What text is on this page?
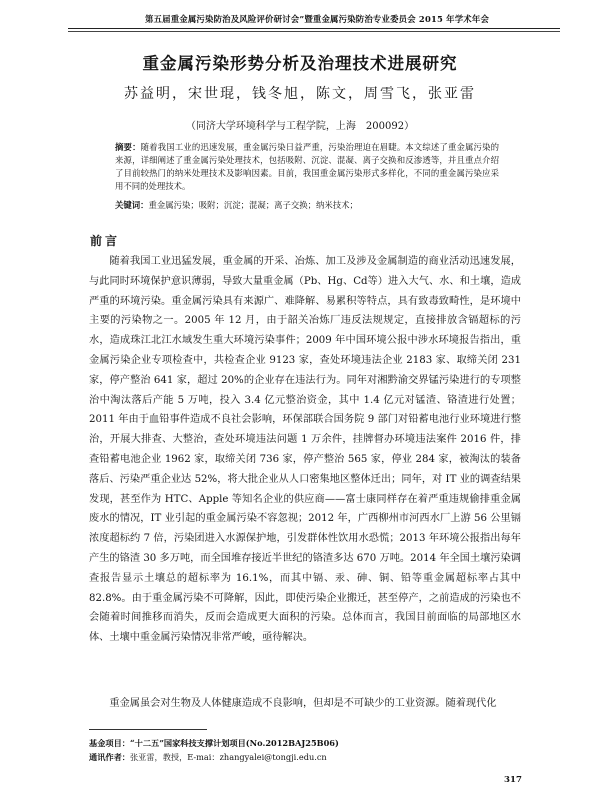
第五届重金属污染防治及风险评价研讨会”暨重金属污染防治专业委员会 2015 年学术年会
重金属污染形势分析及治理技术进展研究
苏益明，宋世琨，钱冬旭，陈文，周雪飞，张亚雷
（同济大学环境科学与工程学院，上海　200092）
摘要：随着我国工业的迅速发展，重金属污染日益严重，污染治理迫在眉睫。本文综述了重金属污染的来源，详细阐述了重金属污染处理技术，包括吸附、沉淀、混凝、离子交换和反渗透等，并且重点介绍了目前较热门的纳米处理技术及影响因素。目前，我国重金属污染形式多样化，不同的重金属污染应采用不同的处理技术。
关键词：重金属污染；吸附；沉淀；混凝；离子交换；纳米技术；
前言
随着我国工业迅猛发展，重金属的开采、冶炼、加工及涉及金属制造的商业活动迅速发展，与此同时环境保护意识薄弱，导致大量重金属（Pb、Hg、Cd等）进入大气、水、和土壤，造成严重的环境污染。重金属污染具有来源广、难降解、易累积等特点，具有致毒致畸性，是环境中主要的污染物之一。2005 年 12 月，由于韶关冶炼厂违反法规规定，直接排放含镉超标的污水，造成珠江北江水域发生重大环境污染事件；2009 年中国环境公报中涉水环境报告指出，重金属污染企业专项检查中，共检查企业 9123 家，查处环境违法企业 2183 家、取缔关闭 231 家，停产整治 641 家，超过 20%的企业存在违法行为。同年对湘黔渝交界锰污染进行的专项整治中淘汰落后产能 5 万吨，投入 3.4 亿元整治资金，其中 1.4 亿元对锰渣、铬渣进行处置；2011 年由于血铅事件造成不良社会影响，环保部联合国务院 9 部门对铅蓄电池行业环境进行整治，开展大排查、大整治，查处环境违法问题 1 万余件，挂牌督办环境违法案件 2016 件，排查铅蓄电池企业 1962 家，取缔关闭 736 家，停产整治 565 家，停业 284 家，被淘汰的装备落后、污染严重企业达 52%，将大批企业从人口密集地区整体迁出；同年，对 IT 业的调查结果发现，甚至作为 HTC、Apple 等知名企业的供应商——富士康同样存在着严重违规偷排重金属废水的情况，IT 业引起的重金属污染不容忽视；2012 年，广西柳州市河西水厂上游 56 公里镉浓度超标约 7 倍，污染团进入水源保护地，引发群体性饮用水恐慌；2013 年环境公报指出每年产生的铬渣 30 多万吨，而全国堆存接近半世纪的铬渣多达 670 万吨。2014 年全国土壤污染调查报告显示土壤总的超标率为 16.1%，而其中镉、汞、砷、铜、铅等重金属超标率占其中 82.8%。由于重金属污染不可降解，因此，即使污染企业搬迁，甚至停产，之前造成的污染也不会随着时间推移而消失，反而会造成更大面积的污染。总体而言，我国目前面临的局部地区水体、土壤中重金属污染情况非常严峻，亟待解决。
重金属虽会对生物及人体健康造成不良影响，但却是不可缺少的工业资源。随着现代化
基金项目：“十二五”国家科技支撑计划项目(No.2012BAJ25B06)
通讯作者：张亚雷，教授，E-mai：zhangyalei@tongji.edu.cn
317
